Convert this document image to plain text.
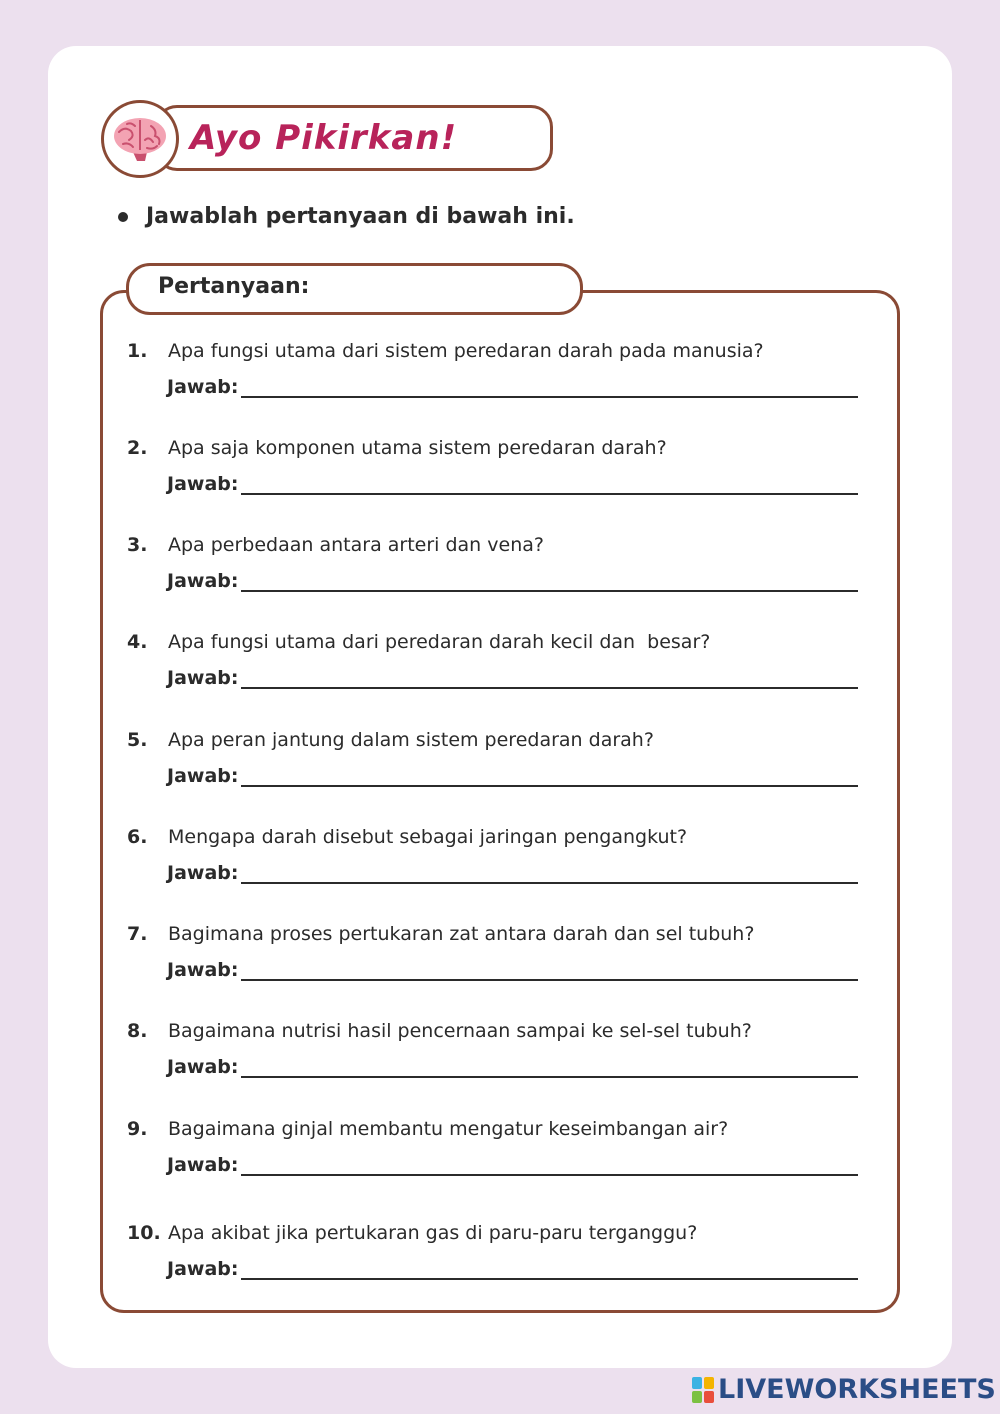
Ayo Pikirkan!
Jawablah pertanyaan di bawah ini.
Pertanyaan:
1.	Apa fungsi utama dari sistem peredaran darah pada manusia?
Jawab:
2.	Apa saja komponen utama sistem peredaran darah?
Jawab:
3.	Apa perbedaan antara arteri dan vena?
Jawab:
4.	Apa fungsi utama dari peredaran darah kecil dan  besar?
Jawab:
5.	Apa peran jantung dalam sistem peredaran darah?
Jawab:
6.	Mengapa darah disebut sebagai jaringan pengangkut?
Jawab:
7.	Bagimana proses pertukaran zat antara darah dan sel tubuh?
Jawab:
8.	Bagaimana nutrisi hasil pencernaan sampai ke sel-sel tubuh?
Jawab:
9.	Bagaimana ginjal membantu mengatur keseimbangan air?
Jawab:
10. Apa akibat jika pertukaran gas di paru-paru terganggu?
Jawab:
LIVEWORKSHEETS
